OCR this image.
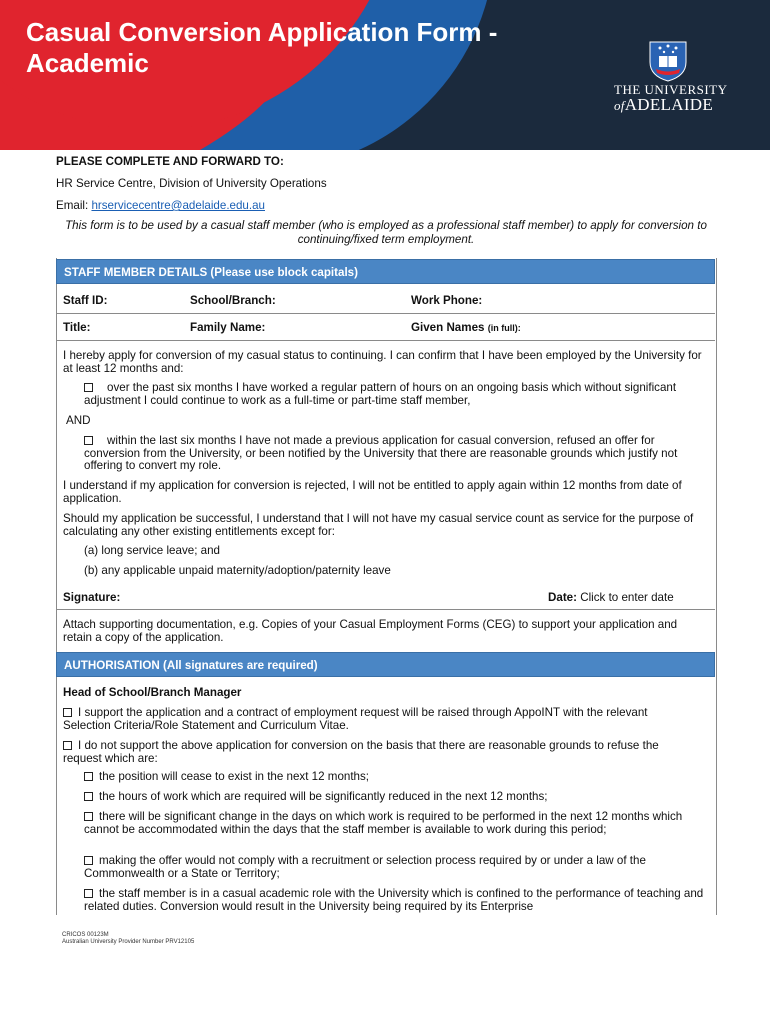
Casual Conversion Application Form - Academic
THE UNIVERSITY
ofADELAIDE
PLEASE COMPLETE AND FORWARD TO:
HR Service Centre, Division of University Operations
Email: hrservicecentre@adelaide.edu.au
This form is to be used by a casual staff member (who is employed as a professional staff member) to apply for conversion to continuing/fixed term employment.
STAFF MEMBER DETAILS (Please use block capitals)
Staff ID:	School/Branch:	Work Phone:
Title:	Family Name:	Given Names (in full):
I hereby apply for conversion of my casual status to continuing. I can confirm that I have been employed by the University for at least 12 months and:
over the past six months I have worked a regular pattern of hours on an ongoing basis which without significant adjustment I could continue to work as a full-time or part-time staff member,
AND
within the last six months I have not made a previous application for casual conversion, refused an offer for conversion from the University, or been notified by the University that there are reasonable grounds which justify not offering to convert my role.
I understand if my application for conversion is rejected, I will not be entitled to apply again within 12 months from date of application.
Should my application be successful, I understand that I will not have my casual service count as service for the purpose of calculating any other existing entitlements except for:
(a) long service leave; and
(b) any applicable unpaid maternity/adoption/paternity leave
Signature:	Date: Click to enter date
Attach supporting documentation, e.g. Copies of your Casual Employment Forms (CEG) to support your application and retain a copy of the application.
AUTHORISATION (All signatures are required)
Head of School/Branch Manager
I support the application and a contract of employment request will be raised through AppoINT with the relevant Selection Criteria/Role Statement and Curriculum Vitae.
I do not support the above application for conversion on the basis that there are reasonable grounds to refuse the request which are:
the position will cease to exist in the next 12 months;
the hours of work which are required will be significantly reduced in the next 12 months;
there will be significant change in the days on which work is required to be performed in the next 12 months which cannot be accommodated within the days that the staff member is available to work during this period;
making the offer would not comply with a recruitment or selection process required by or under a law of the Commonwealth or a State or Territory;
the staff member is in a casual academic role with the University which is confined to the performance of teaching and related duties. Conversion would result in the University being required by its Enterprise
CRICOS 00123M
Australian University Provider Number PRV12105
